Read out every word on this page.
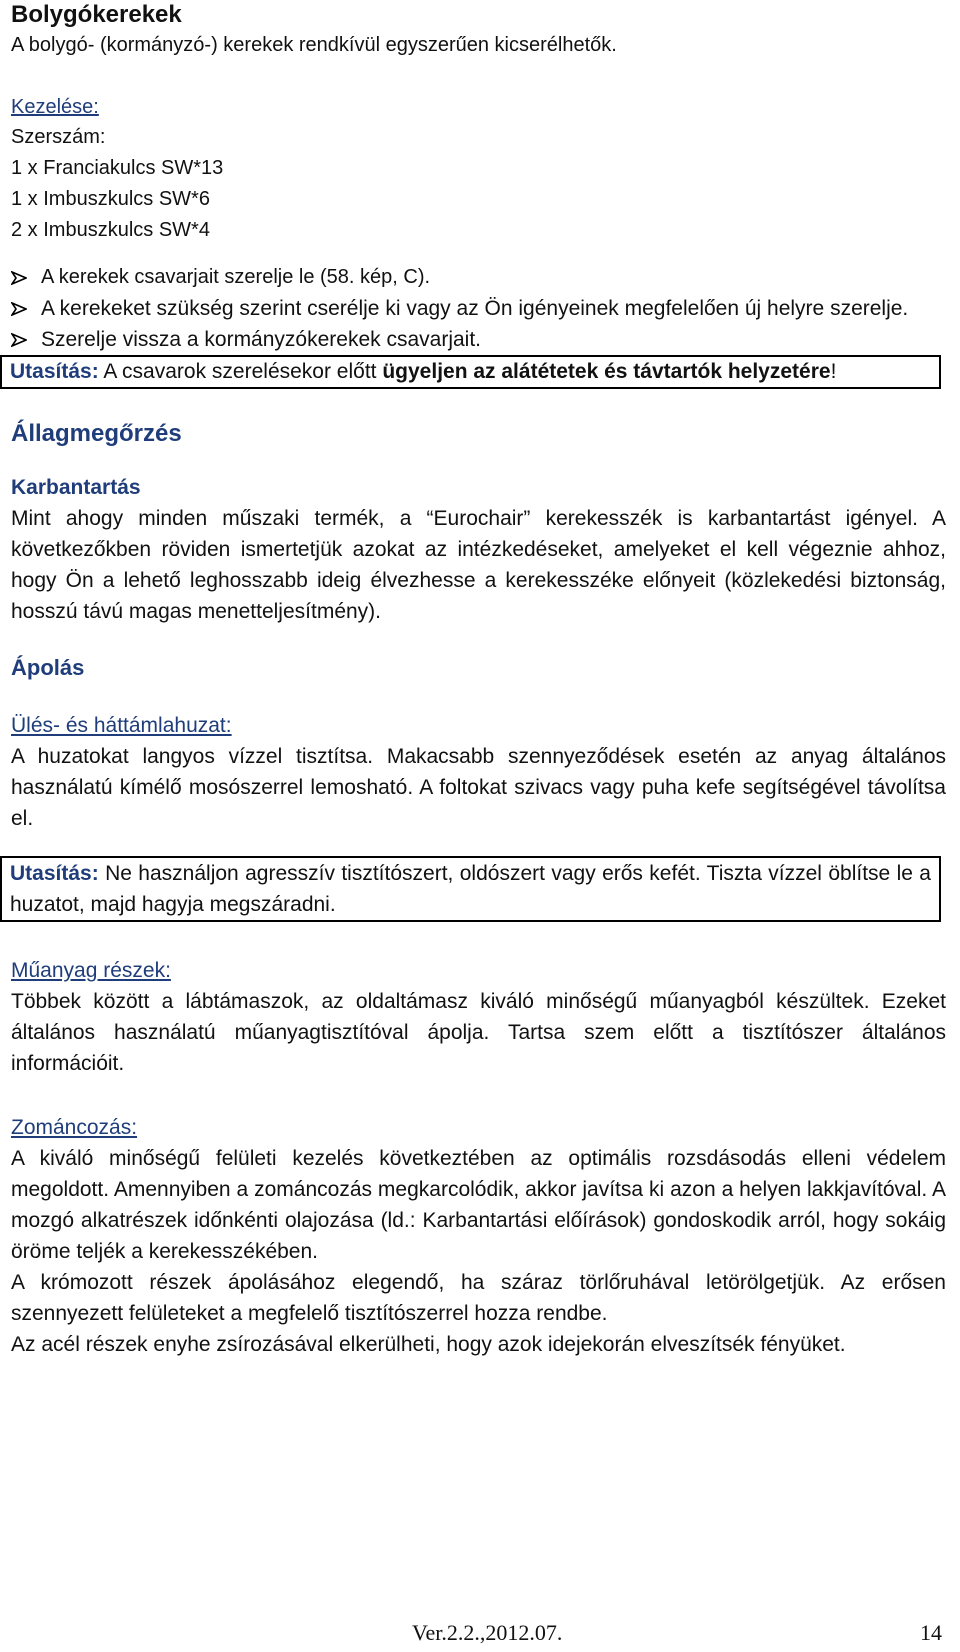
Bolygókerekek
A bolygó- (kormányzó-) kerekek rendkívül egyszerűen kicserélhetők.
Kezelése:
Szerszám:
1 x Franciakulcs SW*13
1 x Imbuszkulcs SW*6
2 x Imbuszkulcs SW*4
A kerekek csavarjait szerelje le (58. kép, C).
A kerekeket szükség szerint cserélje ki vagy az Ön igényeinek megfelelően új helyre szerelje.
Szerelje vissza a kormányzókerekek csavarjait.
Utasítás: A csavarok szerelésekor előtt ügyeljen az alátétetek és távtartók helyzetére!
Állagmegőrzés
Karbantartás
Mint ahogy minden műszaki termék, a “Eurochair” kerekesszék is karbantartást igényel. A következőkben röviden ismertetjük azokat az intézkedéseket, amelyeket el kell végeznie ahhoz, hogy Ön a lehető leghosszabb ideig élvezhesse a kerekesszéke előnyeit (közlekedési biztonság, hosszú távú magas menetteljesítmény).
Ápolás
Ülés- és háttámlahuzat:
A huzatokat langyos vízzel tisztítsa. Makacsabb szennyeződések esetén az anyag általános használatú kímélő mosószerrel lemosható. A foltokat szivacs vagy puha kefe segítségével távolítsa el.
Utasítás: Ne használjon agresszív tisztítószert, oldószert vagy erős kefét. Tiszta vízzel öblítse le a huzatot, majd hagyja megszáradni.
Műanyag részek:
Többek között a lábtámaszok, az oldaltámasz kiváló minőségű műanyagból készültek. Ezeket általános használatú műanyagtisztítóval ápolja. Tartsa szem előtt a tisztítószer általános információit.
Zománcozás:
A kiváló minőségű felületi kezelés következtében az optimális rozsdásodás elleni védelem megoldott. Amennyiben a zománcozás megkarcolódik, akkor javítsa ki azon a helyen lakkjavítóval. A mozgó alkatrészek időnkénti olajozása (ld.: Karbantartási előírások) gondoskodik arról, hogy sokáig öröme teljék a kerekesszékében.
A krómozott részek ápolásához elegendő, ha száraz törlőruhával letörölgetjük. Az erősen szennyezett felületeket a megfelelő tisztítószerrel hozza rendbe.
Az acél részek enyhe zsírozásával elkerülheti, hogy azok idejekorán elveszítsék fényüket.
Ver.2.2.,2012.07.	14
